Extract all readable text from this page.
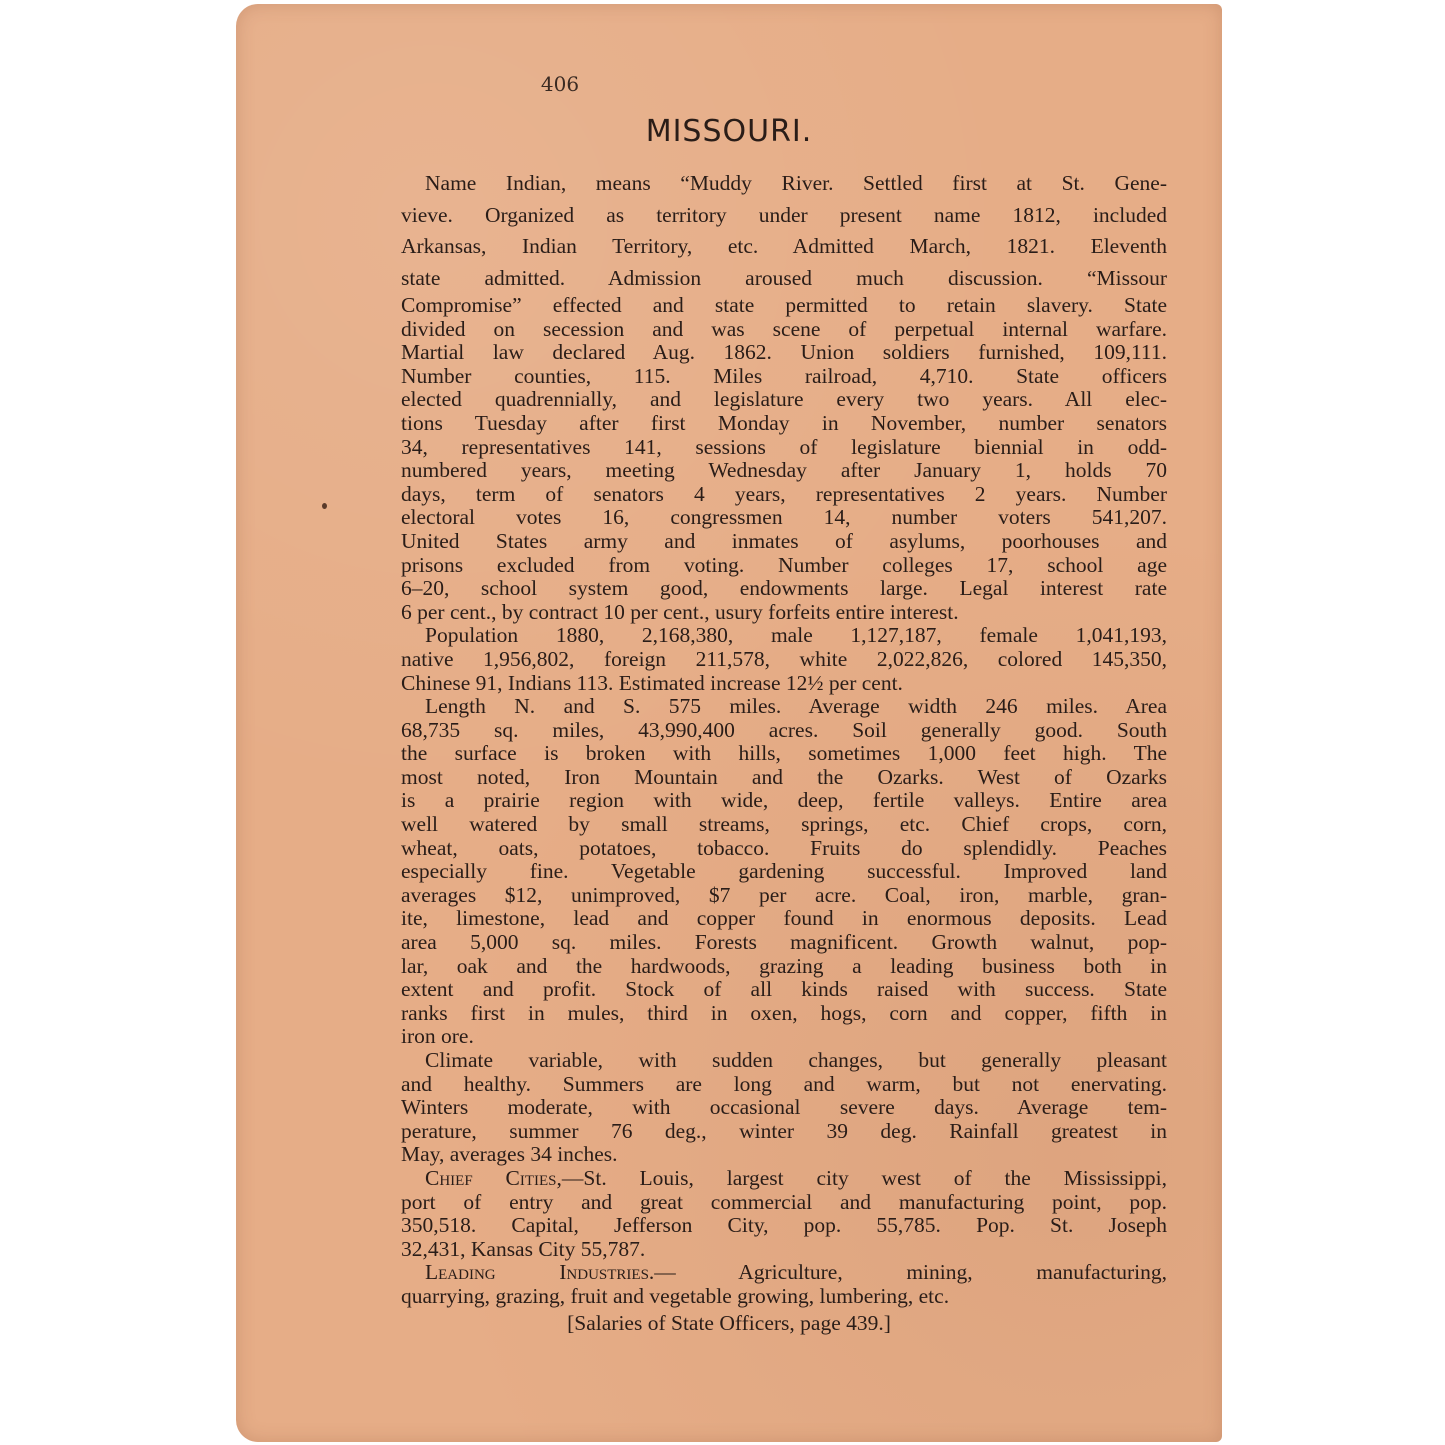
406
MISSOURI.
Name Indian, means “Muddy River. Settled first at St. Gene-
vieve. Organized as territory under present name 1812, included
Arkansas, Indian Territory, etc. Admitted March, 1821. Eleventh
state admitted. Admission aroused much discussion. “Missour
Compromise” effected and state permitted to retain slavery. State
divided on secession and was scene of perpetual internal warfare.
Martial law declared Aug. 1862. Union soldiers furnished, 109,111.
Number counties, 115. Miles railroad, 4,710. State officers
elected quadrennially, and legislature every two years. All elec-
tions Tuesday after first Monday in November, number senators
34, representatives 141, sessions of legislature biennial in odd-
numbered years, meeting Wednesday after January 1, holds 70
days, term of senators 4 years, representatives 2 years. Number
electoral votes 16, congressmen 14, number voters 541,207.
United States army and inmates of asylums, poorhouses and
prisons excluded from voting. Number colleges 17, school age
6–20, school system good, endowments large. Legal interest rate
6 per cent., by contract 10 per cent., usury forfeits entire interest.
Population 1880, 2,168,380, male 1,127,187, female 1,041,193,
native 1,956,802, foreign 211,578, white 2,022,826, colored 145,350,
Chinese 91, Indians 113. Estimated increase 12½ per cent.
Length N. and S. 575 miles. Average width 246 miles. Area
68,735 sq. miles, 43,990,400 acres. Soil generally good. South
the surface is broken with hills, sometimes 1,000 feet high. The
most noted, Iron Mountain and the Ozarks. West of Ozarks
is a prairie region with wide, deep, fertile valleys. Entire area
well watered by small streams, springs, etc. Chief crops, corn,
wheat, oats, potatoes, tobacco. Fruits do splendidly. Peaches
especially fine. Vegetable gardening successful. Improved land
averages $12, unimproved, $7 per acre. Coal, iron, marble, gran-
ite, limestone, lead and copper found in enormous deposits. Lead
area 5,000 sq. miles. Forests magnificent. Growth walnut, pop-
lar, oak and the hardwoods, grazing a leading business both in
extent and profit. Stock of all kinds raised with success. State
ranks first in mules, third in oxen, hogs, corn and copper, fifth in
iron ore.
Climate variable, with sudden changes, but generally pleasant
and healthy. Summers are long and warm, but not enervating.
Winters moderate, with occasional severe days. Average tem-
perature, summer 76 deg., winter 39 deg. Rainfall greatest in
May, averages 34 inches.
Chief Cities,—St. Louis, largest city west of the Mississippi,
port of entry and great commercial and manufacturing point, pop.
350,518. Capital, Jefferson City, pop. 55,785. Pop. St. Joseph
32,431, Kansas City 55,787.
Leading Industries.— Agriculture, mining, manufacturing,
quarrying, grazing, fruit and vegetable growing, lumbering, etc.
[Salaries of State Officers, page 439.]
